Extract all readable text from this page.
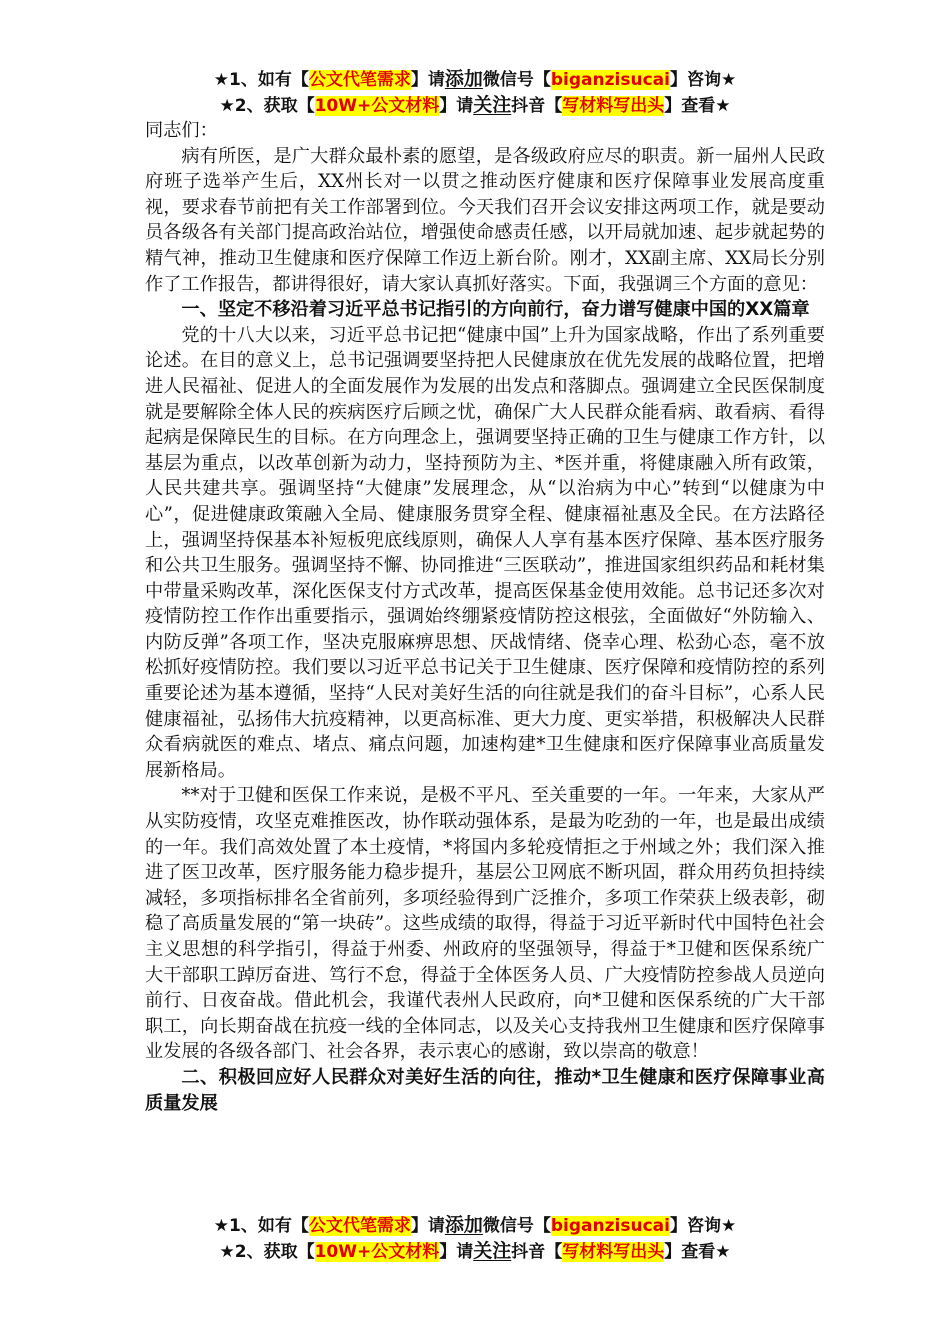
★1、如有【公文代笔需求】请添加微信号【biganzisucai】咨询★
★2、获取【10W+公文材料】请关注抖音【写材料写出头】查看★

同志们：

病有所医，是广大群众最朴素的愿望，是各级政府应尽的职责。新一届州人民政府班子选举产生后，XX州长对一以贯之推动医疗健康和医疗保障事业发展高度重视，要求春节前把有关工作部署到位。今天我们召开会议安排这两项工作，就是要动员各级各有关部门提高政治站位，增强使命感责任感，以开局就加速、起步就起势的精气神，推动卫生健康和医疗保障工作迈上新台阶。刚才，XX副主席、XX局长分别作了工作报告，都讲得很好，请大家认真抓好落实。下面，我强调三个方面的意见：

一、坚定不移沿着习近平总书记指引的方向前行，奋力谱写健康中国的XX篇章

党的十八大以来，习近平总书记把“健康中国”上升为国家战略，作出了系列重要论述。在目的意义上，总书记强调要坚持把人民健康放在优先发展的战略位置，把增进人民福祉、促进人的全面发展作为发展的出发点和落脚点。强调建立全民医保制度就是要解除全体人民的疾病医疗后顾之忧，确保广大人民群众能看病、敢看病、看得起病是保障民生的目标。在方向理念上，强调要坚持正确的卫生与健康工作方针，以基层为重点，以改革创新为动力，坚持预防为主、*医并重，将健康融入所有政策，人民共建共享。强调坚持“大健康”发展理念，从“以治病为中心”转到“以健康为中心”，促进健康政策融入全局、健康服务贯穿全程、健康福祉惠及全民。在方法路径上，强调坚持保基本补短板兜底线原则，确保人人享有基本医疗保障、基本医疗服务和公共卫生服务。强调坚持不懈、协同推进“三医联动”，推进国家组织药品和耗材集中带量采购改革，深化医保支付方式改革，提高医保基金使用效能。总书记还多次对疫情防控工作作出重要指示，强调始终绷紧疫情防控这根弦，全面做好“外防输入、内防反弹”各项工作，坚决克服麻痹思想、厌战情绪、侥幸心理、松劲心态，毫不放松抓好疫情防控。我们要以习近平总书记关于卫生健康、医疗保障和疫情防控的系列重要论述为基本遵循，坚持“人民对美好生活的向往就是我们的奋斗目标”，心系人民健康福祉，弘扬伟大抗疫精神，以更高标准、更大力度、更实举措，积极解决人民群众看病就医的难点、堵点、痛点问题，加速构建*卫生健康和医疗保障事业高质量发展新格局。

**对于卫健和医保工作来说，是极不平凡、至关重要的一年。一年来，大家从严从实防疫情，攻坚克难推医改，协作联动强体系，是最为吃劲的一年，也是最出成绩的一年。我们高效处置了本土疫情，*将国内多轮疫情拒之于州域之外；我们深入推进了医卫改革，医疗服务能力稳步提升，基层公卫网底不断巩固，群众用药负担持续减轻，多项指标排名全省前列，多项经验得到广泛推介，多项工作荣获上级表彰，砌稳了高质量发展的“第一块砖”。这些成绩的取得，得益于习近平新时代中国特色社会主义思想的科学指引，得益于州委、州政府的坚强领导，得益于*卫健和医保系统广大干部职工踔厉奋进、笃行不怠，得益于全体医务人员、广大疫情防控参战人员逆向前行、日夜奋战。借此机会，我谨代表州人民政府，向*卫健和医保系统的广大干部职工，向长期奋战在抗疫一线的全体同志，以及关心支持我州卫生健康和医疗保障事业发展的各级各部门、社会各界，表示衷心的感谢，致以崇高的敬意！

二、积极回应好人民群众对美好生活的向往，推动*卫生健康和医疗保障事业高质量发展

★1、如有【公文代笔需求】请添加微信号【biganzisucai】咨询★
★2、获取【10W+公文材料】请关注抖音【写材料写出头】查看★
